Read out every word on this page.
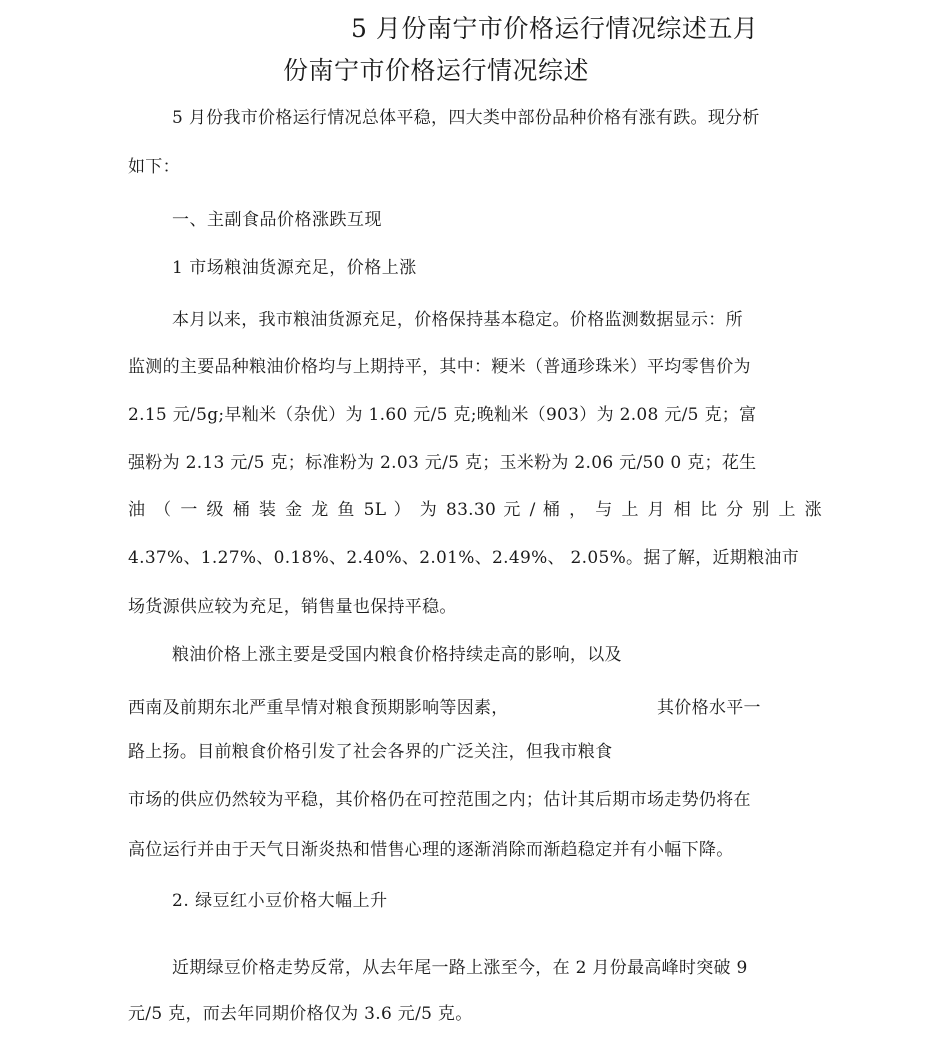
5 月份南宁市价格运行情况综述五月
份南宁市价格运行情况综述
5 月份我市价格运行情况总体平稳，四大类中部份品种价格有涨有跌。现分析
如下：
一、主副食品价格涨跌互现
1 市场粮油货源充足，价格上涨
本月以来，我市粮油货源充足，价格保持基本稳定。价格监测数据显示：所
监测的主要品种粮油价格均与上期持平，其中：粳米（普通珍珠米）平均零售价为
2.15 元/5g;早籼米（杂优）为 1.60 元/5 克;晚籼米（903）为 2.08 元/5 克；富
强粉为 2.13 元/5 克；标准粉为 2.03 元/5 克；玉米粉为 2.06 元/50 0 克；花生
油 （ 一 级 桶 装 金 龙 鱼 5L ） 为 83.30 元 / 桶 ， 与 上 月 相 比 分 别 上 涨
4.37%、1.27%、0.18%、2.40%、2.01%、2.49%、 2.05%。据了解，近期粮油市
场货源供应较为充足，销售量也保持平稳。
粮油价格上涨主要是受国内粮食价格持续走高的影响，以及
西南及前期东北严重旱情对粮食预期影响等因素，	其价格水平一
路上扬。目前粮食价格引发了社会各界的广泛关注，但我市粮食
市场的供应仍然较为平稳，其价格仍在可控范围之内；估计其后期市场走势仍将在
高位运行并由于天气日渐炎热和惜售心理的逐渐消除而渐趋稳定并有小幅下降。
2. 绿豆红小豆价格大幅上升
近期绿豆价格走势反常，从去年尾一路上涨至今，在 2 月份最高峰时突破 9
元/5 克，而去年同期价格仅为 3.6 元/5 克。
